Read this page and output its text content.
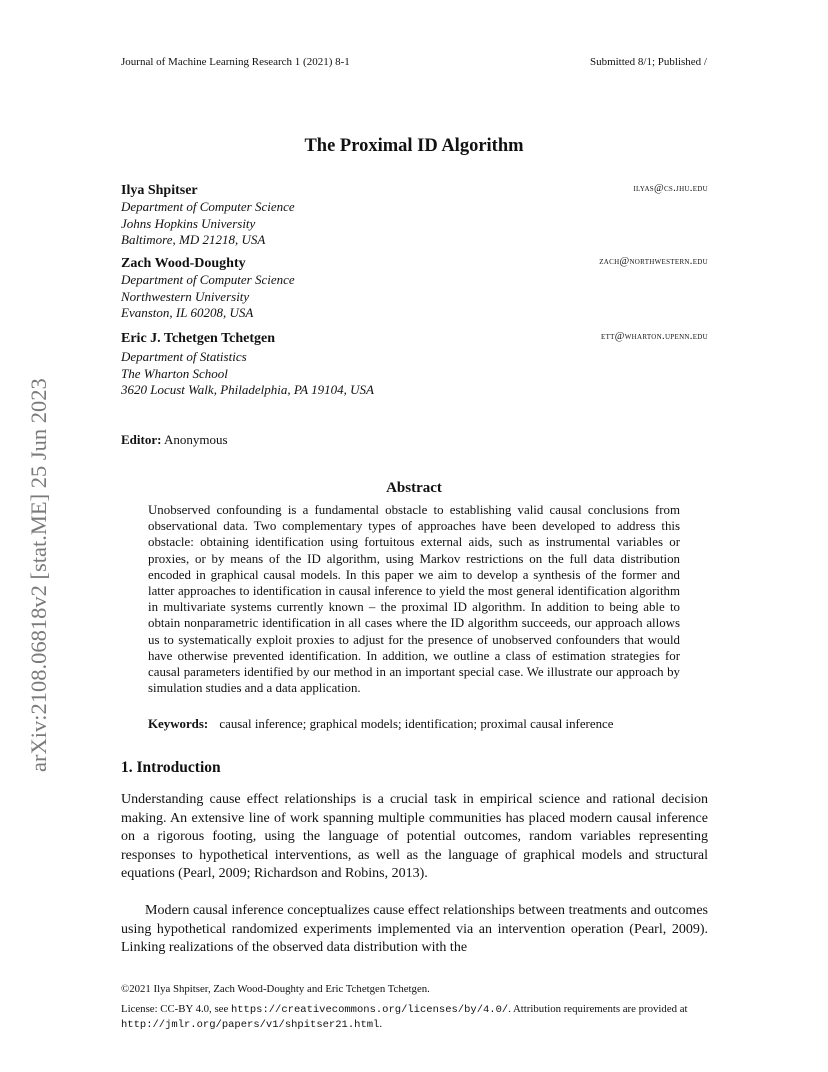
Journal of Machine Learning Research 1 (2021) 8-1	Submitted 8/1; Published /
The Proximal ID Algorithm
Ilya Shpitser	ilyas@cs.jhu.edu
Department of Computer Science
Johns Hopkins University
Baltimore, MD 21218, USA
Zach Wood-Doughty	zach@northwestern.edu
Department of Computer Science
Northwestern University
Evanston, IL 60208, USA
Eric J. Tchetgen Tchetgen	ett@wharton.upenn.edu
Department of Statistics
The Wharton School
3620 Locust Walk, Philadelphia, PA 19104, USA
Editor: Anonymous
Abstract
Unobserved confounding is a fundamental obstacle to establishing valid causal conclusions from observational data. Two complementary types of approaches have been developed to address this obstacle: obtaining identification using fortuitous external aids, such as instrumental variables or proxies, or by means of the ID algorithm, using Markov restrictions on the full data distribution encoded in graphical causal models. In this paper we aim to develop a synthesis of the former and latter approaches to identification in causal inference to yield the most general identification algorithm in multivariate systems currently known – the proximal ID algorithm. In addition to being able to obtain nonparametric identification in all cases where the ID algorithm succeeds, our approach allows us to systematically exploit proxies to adjust for the presence of unobserved confounders that would have otherwise prevented identification. In addition, we outline a class of estimation strategies for causal parameters identified by our method in an important special case. We illustrate our approach by simulation studies and a data application.
Keywords: causal inference; graphical models; identification; proximal causal inference
1. Introduction
Understanding cause effect relationships is a crucial task in empirical science and rational decision making. An extensive line of work spanning multiple communities has placed modern causal inference on a rigorous footing, using the language of potential outcomes, random variables representing responses to hypothetical interventions, as well as the language of graphical models and structural equations (Pearl, 2009; Richardson and Robins, 2013).
Modern causal inference conceptualizes cause effect relationships between treatments and outcomes using hypothetical randomized experiments implemented via an intervention operation (Pearl, 2009). Linking realizations of the observed data distribution with the
©2021 Ilya Shpitser, Zach Wood-Doughty and Eric Tchetgen Tchetgen.
License: CC-BY 4.0, see https://creativecommons.org/licenses/by/4.0/. Attribution requirements are provided at http://jmlr.org/papers/v1/shpitser21.html.
arXiv:2108.06818v2 [stat.ME] 25 Jun 2023
